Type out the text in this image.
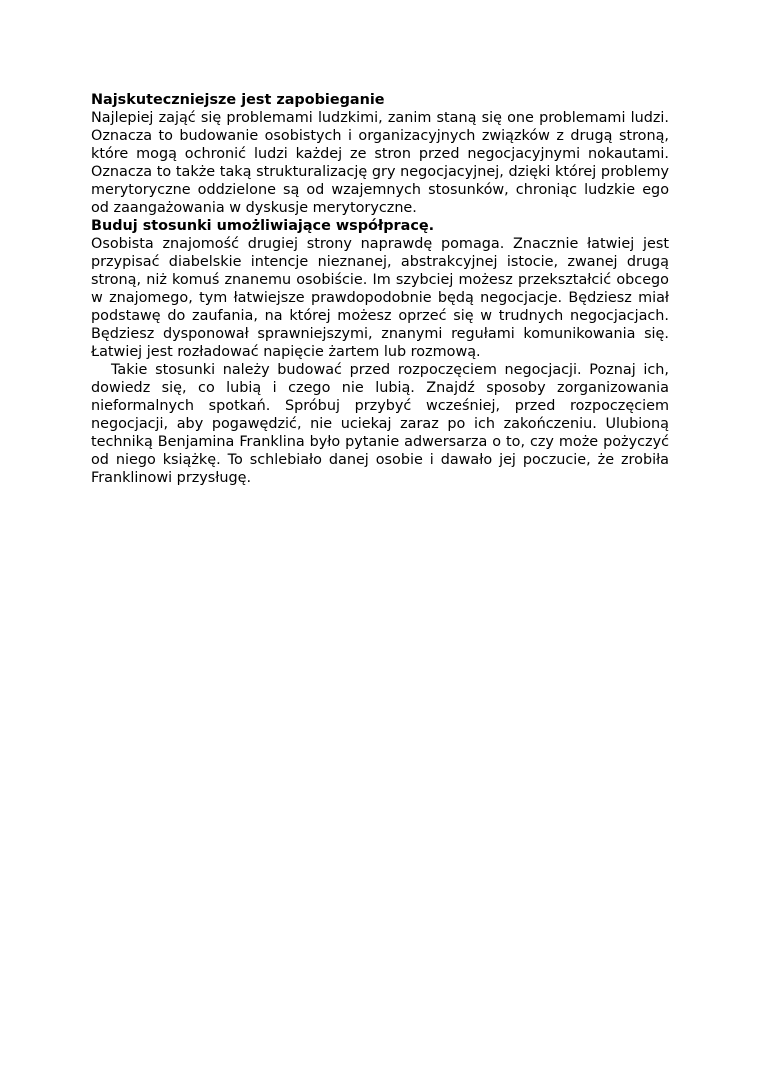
Najskuteczniejsze jest zapobieganie

Najlepiej zająć się problemami ludzkimi, zanim staną się one problemami ludzi. Oznacza to budowanie osobistych i organizacyjnych związków z drugą stroną, które mogą ochronić ludzi każdej ze stron przed negocjacyjnymi nokautami. Oznacza to także taką strukturalizację gry negocjacyjnej, dzięki której problemy merytoryczne oddzielone są od wzajemnych stosunków, chroniąc ludzkie ego od zaangażowania w dyskusje merytoryczne.

Buduj stosunki umożliwiające współpracę.

Osobista znajomość drugiej strony naprawdę pomaga. Znacznie łatwiej jest przypisać diabelskie intencje nieznanej, abstrakcyjnej istocie, zwanej drugą stroną, niż komuś znanemu osobiście. Im szybciej możesz przekształcić obcego w znajomego, tym łatwiejsze prawdopodobnie będą negocjacje. Będziesz miał podstawę do zaufania, na której możesz oprzeć się w trudnych negocjacjach. Będziesz dysponował sprawniejszymi, znanymi regułami komunikowania się. Łatwiej jest rozładować napięcie żartem lub rozmową.

Takie stosunki należy budować przed rozpoczęciem negocjacji. Poznaj ich, dowiedz się, co lubią i czego nie lubią. Znajdź sposoby zorganizowania nieformalnych spotkań. Spróbuj przybyć wcześniej, przed rozpoczęciem negocjacji, aby pogawędzić, nie uciekaj zaraz po ich zakończeniu. Ulubioną techniką Benjamina Franklina było pytanie adwersarza o to, czy może pożyczyć od niego książkę. To schlebiało danej osobie i dawało jej poczucie, że zrobiła Franklinowi przysługę.
